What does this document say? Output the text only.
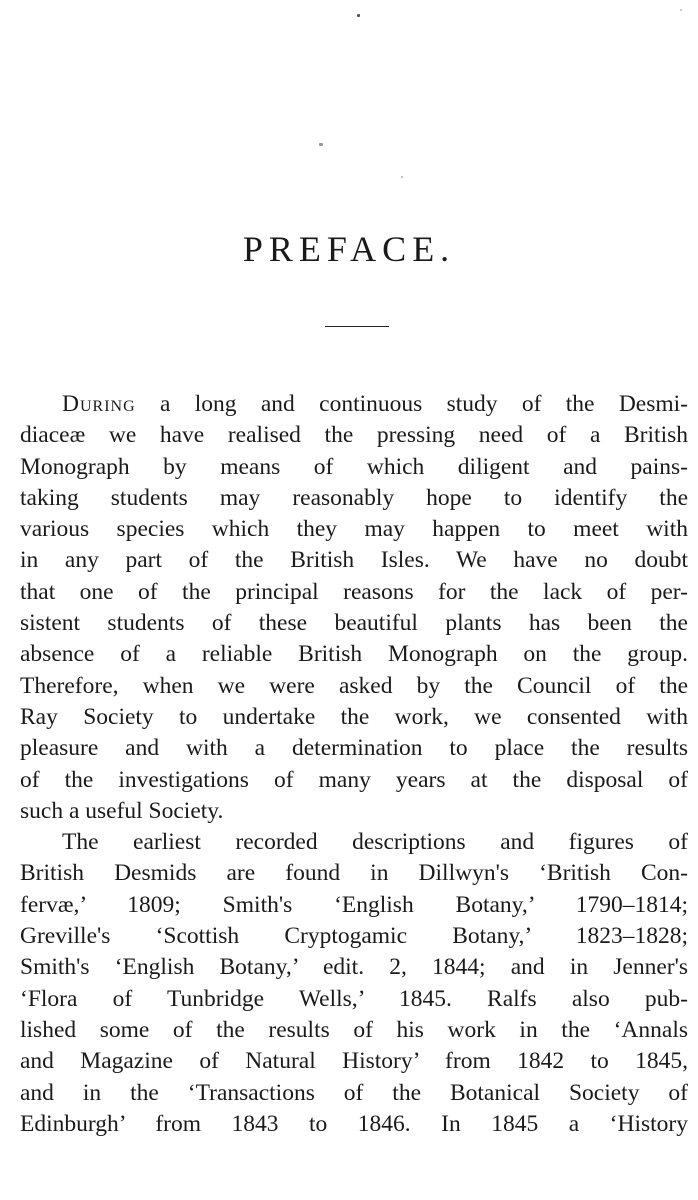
PREFACE.
During a long and continuous study of the Desmi-
diaceæ we have realised the pressing need of a British
Monograph by means of which diligent and pains-
taking students may reasonably hope to identify the
various species which they may happen to meet with
in any part of the British Isles. We have no doubt
that one of the principal reasons for the lack of per-
sistent students of these beautiful plants has been the
absence of a reliable British Monograph on the group.
Therefore, when we were asked by the Council of the
Ray Society to undertake the work, we consented with
pleasure and with a determination to place the results
of the investigations of many years at the disposal of
such a useful Society.
The earliest recorded descriptions and figures of
British Desmids are found in Dillwyn's ‘British Con-
fervæ,’ 1809; Smith's ‘English Botany,’ 1790–1814;
Greville's ‘Scottish Cryptogamic Botany,’ 1823–1828;
Smith's ‘English Botany,’ edit. 2, 1844; and in Jenner's
‘Flora of Tunbridge Wells,’ 1845. Ralfs also pub-
lished some of the results of his work in the ‘Annals
and Magazine of Natural History’ from 1842 to 1845,
and in the ‘Transactions of the Botanical Society of
Edinburgh’ from 1843 to 1846. In 1845 a ‘History
